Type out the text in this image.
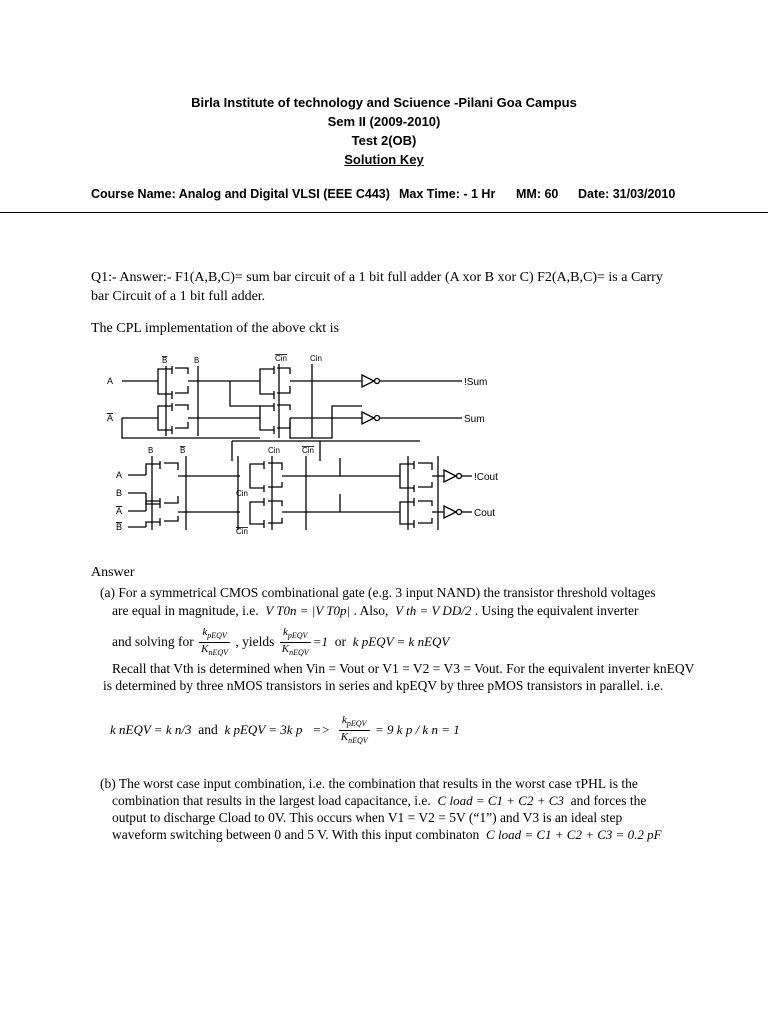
Birla Institute of technology and Sciuence -Pilani Goa Campus
Sem II (2009-2010)
Test 2(OB)
Solution Key
Course Name: Analog and Digital VLSI (EEE C443) Max Time: - 1 Hr MM: 60 Date: 31/03/2010
Q1:- Answer:- F1(A,B,C)= sum bar circuit of a 1 bit full adder (A xor B xor C) F2(A,B,C)= is a Carry
bar Circuit of a 1 bit full adder.
The CPL implementation of the above ckt is
A
A
B	B	Cin	Cin
!Sum
Sum
A
B
A
B
B	B	Cin	Cin
Cin
Cin
!Cout
Cout
Answer
(a) For a symmetrical CMOS combinational gate (e.g. 3 input NAND) the transistor threshold voltages
are equal in magnitude, i.e. V T0n = |V T0p| . Also, V th = V DD/2 . Using the equivalent inverter
and solving for $\frac{k_{pEQV}}{K_{nEQV}}$ , yields $\frac{k_{pEQV}}{K_{nEQV}} =1$ or k pEQV = k nEQV
Recall that Vth is determined when Vin = Vout or V1 = V2 = V3 = Vout. For the equivalent inverter knEQV
is determined by three nMOS transistors in series and kpEQV by three pMOS transistors in parallel. i.e.
k nEQV = k n/3 and k pEQV = 3k $p => \frac{k_{pEQV}}{K_{nEQV}} = 9$ k p / k n = 1
(b) The worst case input combination, i.e. the combination that results in the worst case τPHL is the
combination that results in the largest load capacitance, i.e. C load = C1 + C2 + C3 and forces the
output to discharge Cload to 0V. This occurs when V1 = V2 = 5V (“1”) and V3 is an ideal step
waveform switching between 0 and 5 V. With this input combinaton C load = C1 + C2 + C3 = 0.2 pF
